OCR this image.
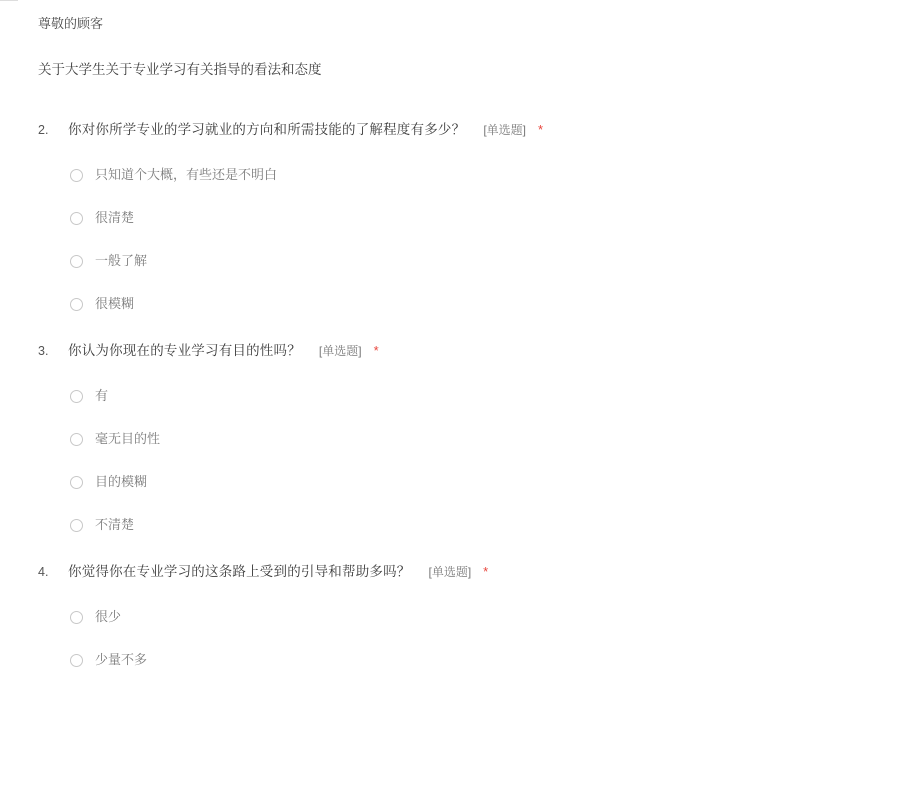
尊敬的顾客
关于大学生关于专业学习有关指导的看法和态度
2.	你对你所学专业的学习就业的方向和所需技能的了解程度有多少？ [单选题] *
只知道个大概，有些还是不明白
很清楚
一般了解
很模糊
3.	你认为你现在的专业学习有目的性吗？ [单选题] *
有
毫无目的性
目的模糊
不清楚
4.	你觉得你在专业学习的这条路上受到的引导和帮助多吗？ [单选题] *
很少
少量不多
